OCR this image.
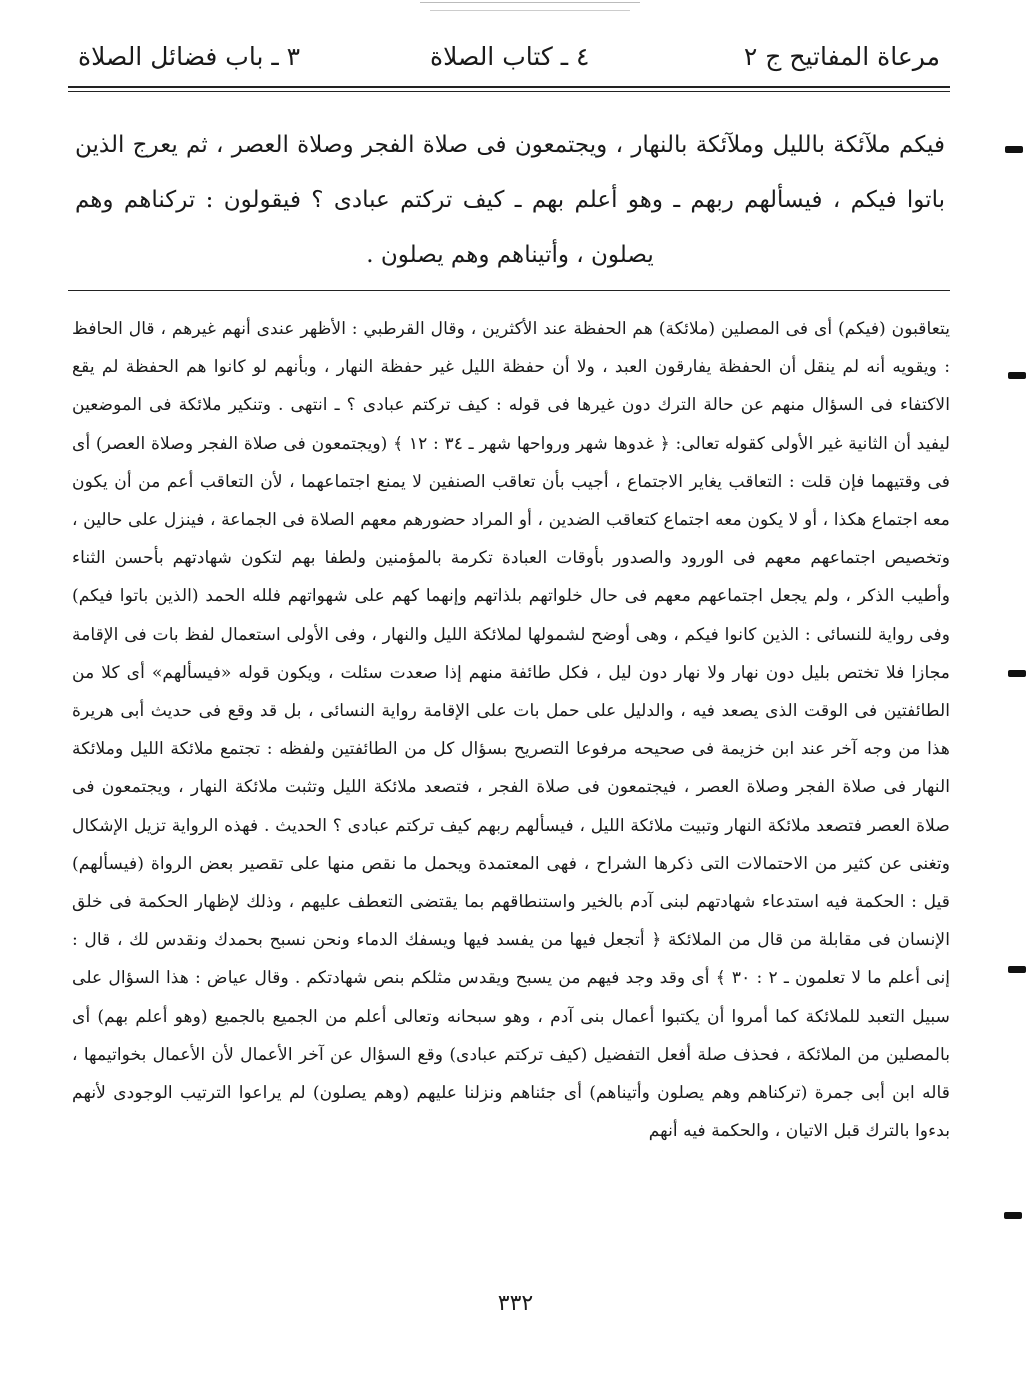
مرعاة المفاتيح ج ٢
٤ ـ كتاب الصلاة
٣ ـ باب فضائل الصلاة
فيكم ملآئكة بالليل وملآئكة بالنهار ، ويجتمعون فى صلاة الفجر وصلاة العصر ، ثم يعرج الذين باتوا فيكم ، فيسألهم ربهم ـ وهو أعلم بهم ـ كيف تركتم عبادى ؟ فيقولون : تركناهم وهم يصلون ، وأتيناهم وهم يصلون .

يتعاقبون (فيكم) أى فى المصلين (ملائكة) هم الحفظة عند الأكثرين ، وقال القرطبي : الأظهر عندى أنهم غيرهم ، قال الحافظ : ويقويه أنه لم ينقل أن الحفظة يفارقون العبد ، ولا أن حفظة الليل غير حفظة النهار ، وبأنهم لو كانوا هم الحفظة لم يقع الاكتفاء فى السؤال منهم عن حالة الترك دون غيرها فى قوله : كيف تركتم عبادى ؟ ـ انتهى . وتنكير ملائكة فى الموضعين ليفيد أن الثانية غير الأولى كقوله تعالى: ﴿ غدوها شهر ورواحها شهر ـ ٣٤ : ١٢ ﴾ (ويجتمعون فى صلاة الفجر وصلاة العصر) أى فى وقتيهما فإن قلت : التعاقب يغاير الاجتماع ، أجيب بأن تعاقب الصنفين لا يمنع اجتماعهما ، لأن التعاقب أعم من أن يكون معه اجتماع هكذا ، أو لا يكون معه اجتماع كتعاقب الضدين ، أو المراد حضورهم معهم الصلاة فى الجماعة ، فينزل على حالين ، وتخصيص اجتماعهم معهم فى الورود والصدور بأوقات العبادة تكرمة بالمؤمنين ولطفا بهم لتكون شهادتهم بأحسن الثناء وأطيب الذكر ، ولم يجعل اجتماعهم معهم فى حال خلواتهم بلذاتهم وإنهما كهم على شهواتهم فلله الحمد (الذين باتوا فيكم) وفى رواية للنسائى : الذين كانوا فيكم ، وهى أوضح لشمولها لملائكة الليل والنهار ، وفى الأولى استعمال لفظ بات فى الإقامة مجازا فلا تختص بليل دون نهار ولا نهار دون ليل ، فكل طائفة منهم إذا صعدت سئلت ، ويكون قوله «فيسألهم» أى كلا من الطائفتين فى الوقت الذى يصعد فيه ، والدليل على حمل بات على الإقامة رواية النسائى ، بل قد وقع فى حديث أبى هريرة هذا من وجه آخر عند ابن خزيمة فى صحيحه مرفوعا التصريح بسؤال كل من الطائفتين ولفظه : تجتمع ملائكة الليل وملائكة النهار فى صلاة الفجر وصلاة العصر ، فيجتمعون فى صلاة الفجر ، فتصعد ملائكة الليل وتثبت ملائكة النهار ، ويجتمعون فى صلاة العصر فتصعد ملائكة النهار وتبيت ملائكة الليل ، فيسألهم ربهم كيف تركتم عبادى ؟ الحديث . فهذه الرواية تزيل الإشكال وتغنى عن كثير من الاحتمالات التى ذكرها الشراح ، فهى المعتمدة ويحمل ما نقص منها على تقصير بعض الرواة (فيسألهم) قيل : الحكمة فيه استدعاء شهادتهم لبنى آدم بالخير واستنطاقهم بما يقتضى التعطف عليهم ، وذلك لإظهار الحكمة فى خلق الإنسان فى مقابلة من قال من الملائكة ﴿ أتجعل فيها من يفسد فيها ويسفك الدماء ونحن نسبح بحمدك ونقدس لك ، قال : إنى أعلم ما لا تعلمون ـ ٢ : ٣٠ ﴾ أى وقد وجد فيهم من يسبح ويقدس مثلكم بنص شهادتكم . وقال عياض : هذا السؤال على سبيل التعبد للملائكة كما أمروا أن يكتبوا أعمال بنى آدم ، وهو سبحانه وتعالى أعلم من الجميع بالجميع (وهو أعلم بهم) أى بالمصلين من الملائكة ، فحذف صلة أفعل التفضيل (كيف تركتم عبادى) وقع السؤال عن آخر الأعمال لأن الأعمال بخواتيمها ، قاله ابن أبى جمرة (تركناهم وهم يصلون وأتيناهم) أى جئناهم ونزلنا عليهم (وهم يصلون) لم يراعوا الترتيب الوجودى لأنهم بدءوا بالترك قبل الاتيان ، والحكمة فيه أنهم

٣٣٢
